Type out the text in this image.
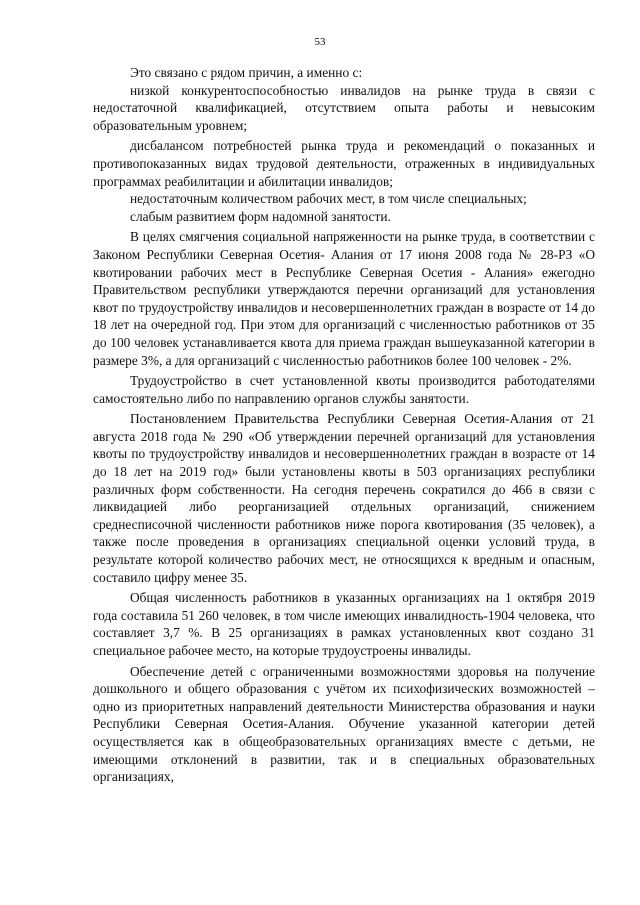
53

Это связано с рядом причин, а именно с:

низкой конкурентоспособностью инвалидов на рынке труда в связи с недостаточной квалификацией, отсутствием опыта работы и невысоким образовательным уровнем;

дисбалансом потребностей рынка труда и рекомендаций о показанных и противопоказанных видах трудовой деятельности, отраженных в индивидуальных программах реабилитации и абилитации инвалидов;

недостаточным количеством рабочих мест, в том числе специальных;

слабым развитием форм надомной занятости.

В целях смягчения социальной напряженности на рынке труда, в соответствии с Законом Республики Северная Осетия- Алания от 17 июня 2008 года № 28-РЗ «О квотировании рабочих мест в Республике Северная Осетия - Алания» ежегодно Правительством республики утверждаются перечни организаций для установления квот по трудоустройству инвалидов и несовершеннолетних граждан в возрасте от 14 до 18 лет на очередной год. При этом для организаций с численностью работников от 35 до 100 человек устанавливается квота для приема граждан вышеуказанной категории в размере 3%, а для организаций с численностью работников более 100 человек - 2%.

Трудоустройство в счет установленной квоты производится работодателями самостоятельно либо по направлению органов службы занятости.

Постановлением Правительства Республики Северная Осетия-Алания от 21 августа 2018 года № 290 «Об утверждении перечней организаций для установления квоты по трудоустройству инвалидов и несовершеннолетних граждан в возрасте от 14 до 18 лет на 2019 год» были установлены квоты в 503 организациях республики различных форм собственности. На сегодня перечень сократился до 466 в связи с ликвидацией либо реорганизацией отдельных организаций, снижением среднесписочной численности работников ниже порога квотирования (35 человек), а также после проведения в организациях специальной оценки условий труда, в результате которой количество рабочих мест, не относящихся к вредным и опасным, составило цифру менее 35.

Общая численность работников в указанных организациях на 1 октября 2019 года составила 51 260 человек, в том числе имеющих инвалидность-1904 человека, что составляет 3,7 %. В 25 организациях в рамках установленных квот создано 31 специальное рабочее место, на которые трудоустроены инвалиды.

Обеспечение детей с ограниченными возможностями здоровья на получение дошкольного и общего образования с учётом их психофизических возможностей – одно из приоритетных направлений деятельности Министерства образования и науки Республики Северная Осетия-Алания. Обучение указанной категории детей осуществляется как в общеобразовательных организациях вместе с детьми, не имеющими отклонений в развитии, так и в специальных образовательных организациях,
